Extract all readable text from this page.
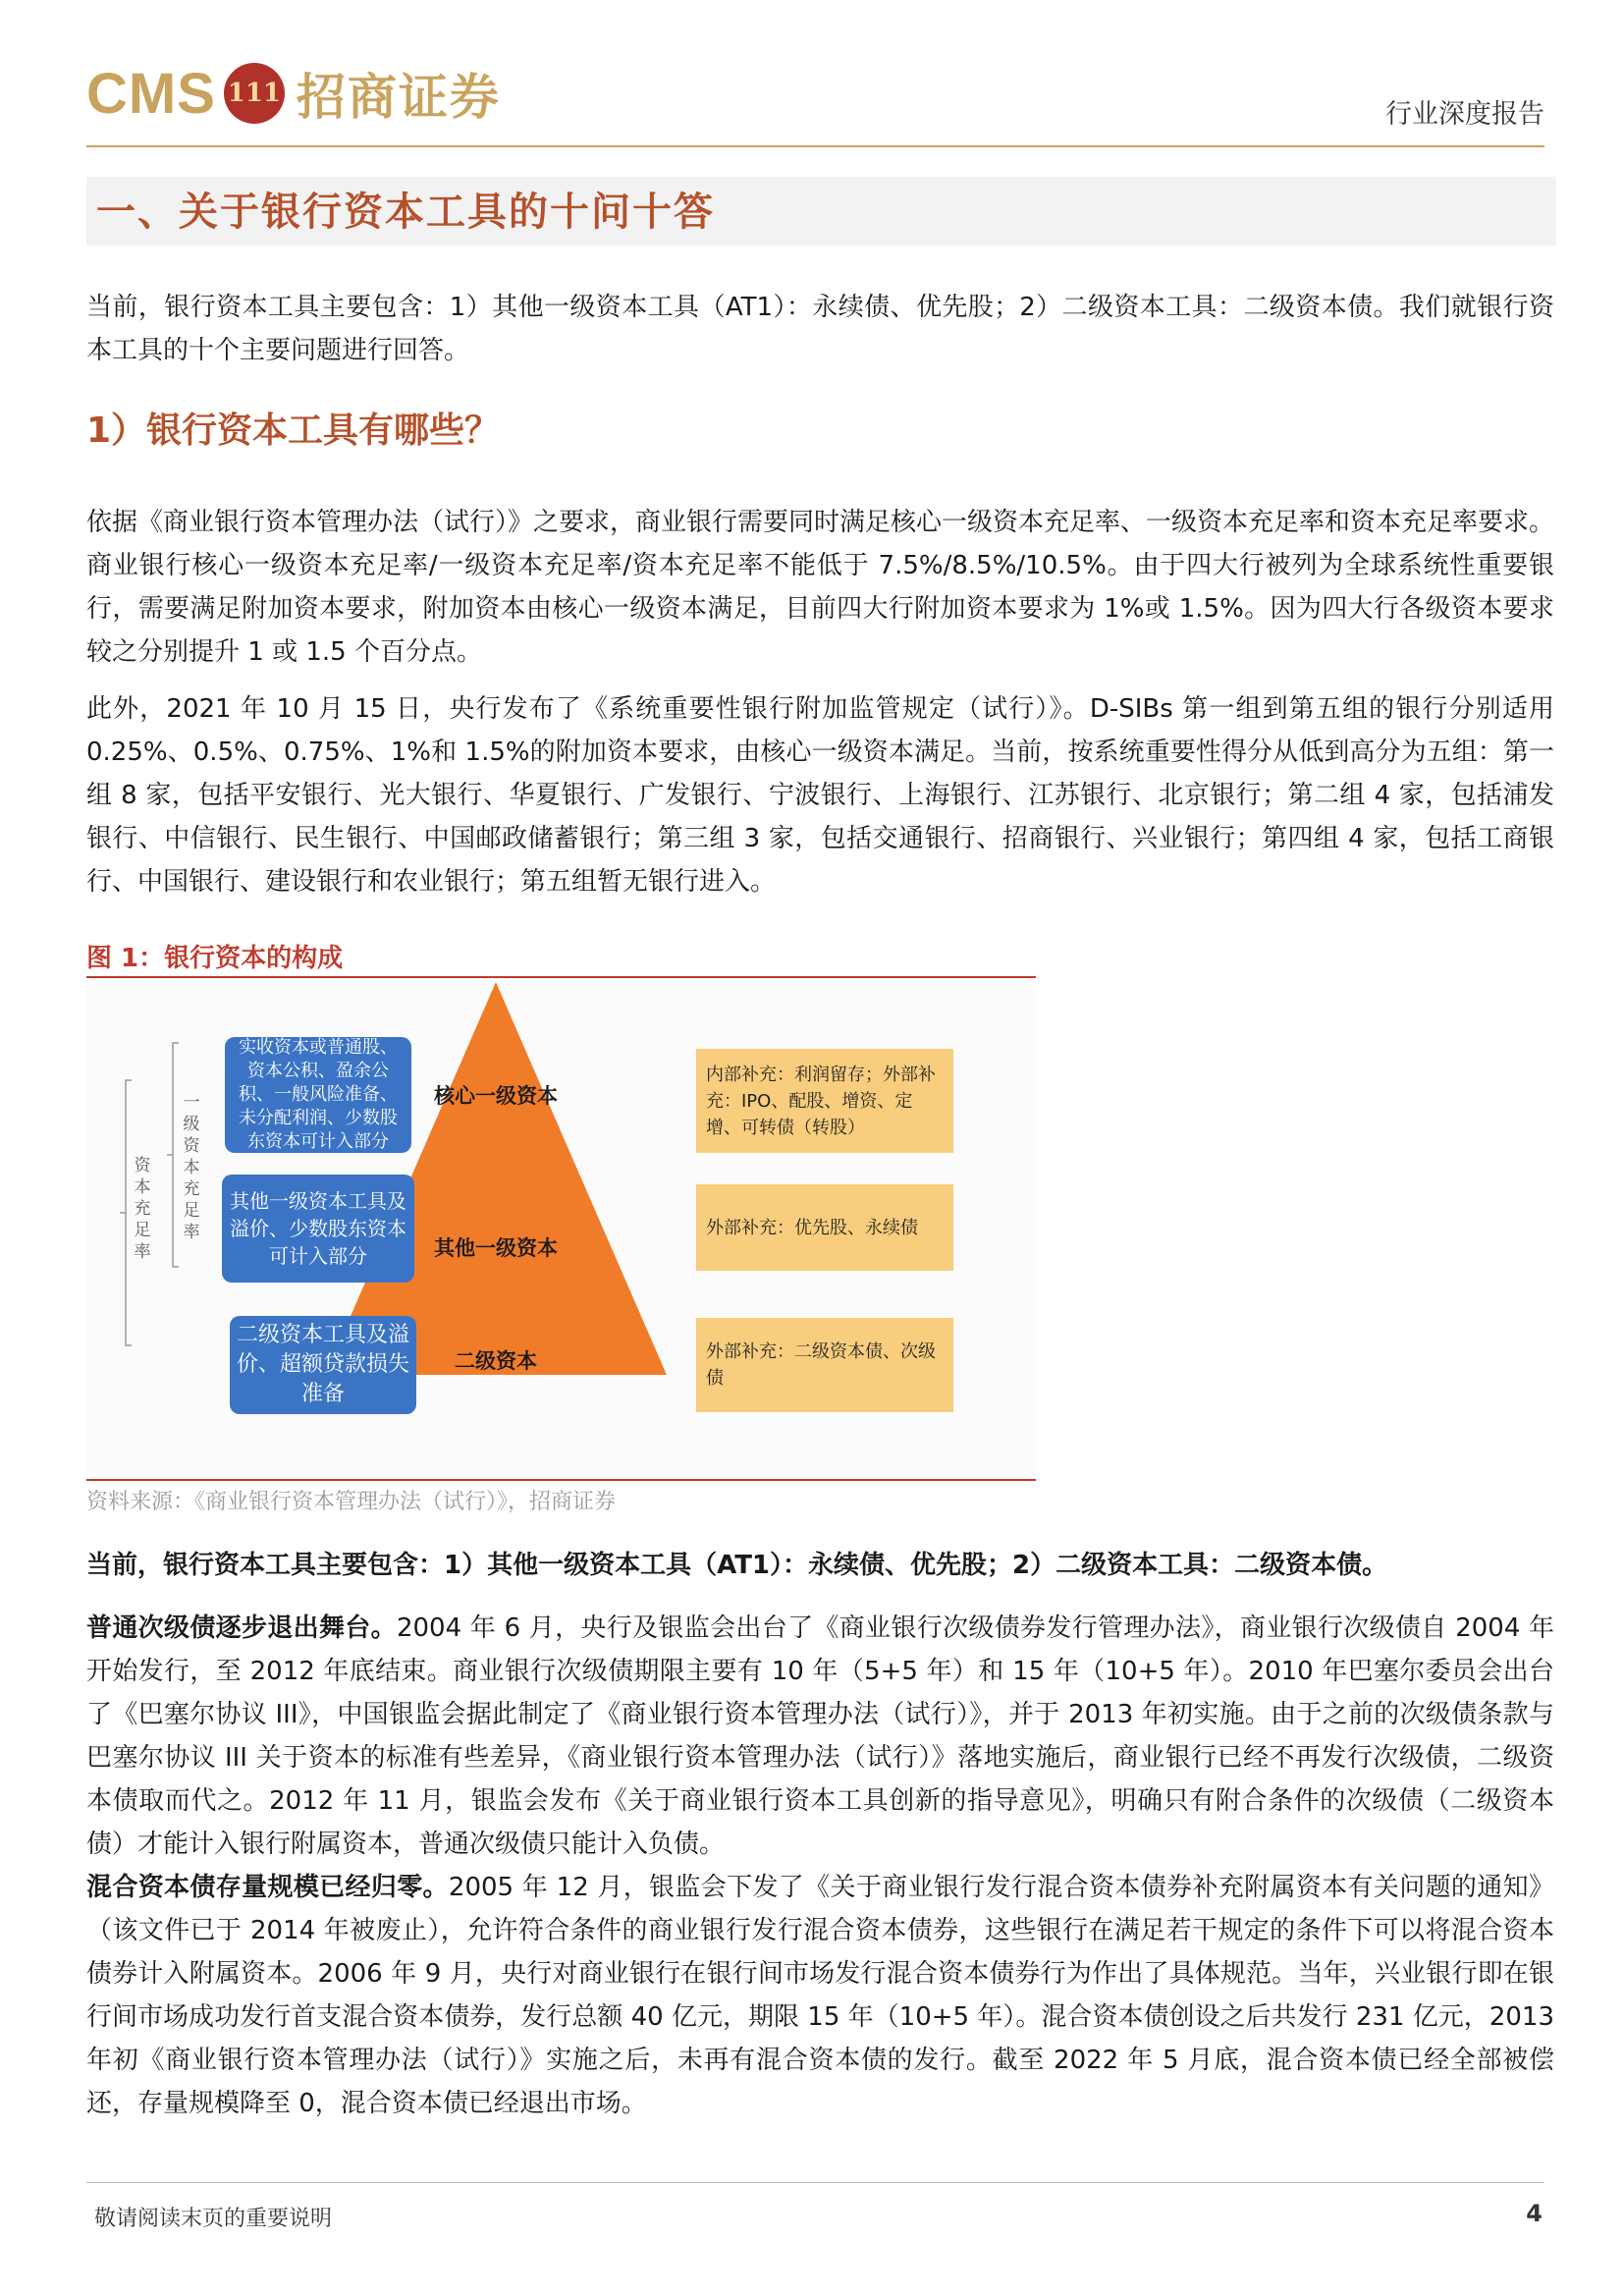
CMS 111 招商证券	行业深度报告
一、关于银行资本工具的十问十答
当前，银行资本工具主要包含：1）其他一级资本工具（AT1）：永续债、优先股；2）二级资本工具：二级资本债。我们就银行资本工具的十个主要问题进行回答。
1）银行资本工具有哪些？
依据《商业银行资本管理办法（试行）》之要求，商业银行需要同时满足核心一级资本充足率、一级资本充足率和资本充足率要求。商业银行核心一级资本充足率/一级资本充足率/资本充足率不能低于 7.5%/8.5%/10.5%。由于四大行被列为全球系统性重要银行，需要满足附加资本要求，附加资本由核心一级资本满足，目前四大行附加资本要求为 1%或 1.5%。因为四大行各级资本要求较之分别提升 1 或 1.5 个百分点。
此外，2021 年 10 月 15 日，央行发布了《系统重要性银行附加监管规定（试行）》。D-SIBs 第一组到第五组的银行分别适用 0.25%、0.5%、0.75%、1%和 1.5%的附加资本要求，由核心一级资本满足。当前，按系统重要性得分从低到高分为五组：第一组 8 家，包括平安银行、光大银行、华夏银行、广发银行、宁波银行、上海银行、江苏银行、北京银行；第二组 4 家，包括浦发银行、中信银行、民生银行、中国邮政储蓄银行；第三组 3 家，包括交通银行、招商银行、兴业银行；第四组 4 家，包括工商银行、中国银行、建设银行和农业银行；第五组暂无银行进入。
图 1：银行资本的构成
一级资本充足率
资本充足率
实收资本或普通股、资本公积、盈余公积、一般风险准备、未分配利润、少数股东资本可计入部分
其他一级资本工具及溢价、少数股东资本可计入部分
二级资本工具及溢价、超额贷款损失准备
核心一级资本
其他一级资本
二级资本
内部补充：利润留存；外部补充：IPO、配股、增资、定增、可转债（转股）
外部补充：优先股、永续债
外部补充：二级资本债、次级债
资料来源：《商业银行资本管理办法（试行）》，招商证券
当前，银行资本工具主要包含：1）其他一级资本工具（AT1）：永续债、优先股；2）二级资本工具：二级资本债。
普通次级债逐步退出舞台。2004 年 6 月，央行及银监会出台了《商业银行次级债券发行管理办法》，商业银行次级债自 2004 年开始发行，至 2012 年底结束。商业银行次级债期限主要有 10 年（5+5 年）和 15 年（10+5 年）。2010 年巴塞尔委员会出台了《巴塞尔协议 III》，中国银监会据此制定了《商业银行资本管理办法（试行）》，并于 2013 年初实施。由于之前的次级债条款与巴塞尔协议 III 关于资本的标准有些差异，《商业银行资本管理办法（试行）》落地实施后，商业银行已经不再发行次级债，二级资本债取而代之。2012 年 11 月，银监会发布《关于商业银行资本工具创新的指导意见》，明确只有附合条件的次级债（二级资本债）才能计入银行附属资本，普通次级债只能计入负债。
混合资本债存量规模已经归零。2005 年 12 月，银监会下发了《关于商业银行发行混合资本债券补充附属资本有关问题的通知》（该文件已于 2014 年被废止），允许符合条件的商业银行发行混合资本债券，这些银行在满足若干规定的条件下可以将混合资本债券计入附属资本。2006 年 9 月，央行对商业银行在银行间市场发行混合资本债券行为作出了具体规范。当年，兴业银行即在银行间市场成功发行首支混合资本债券，发行总额 40 亿元，期限 15 年（10+5 年）。混合资本债创设之后共发行 231 亿元，2013 年初《商业银行资本管理办法（试行）》实施之后，未再有混合资本债的发行。截至 2022 年 5 月底，混合资本债已经全部被偿还，存量规模降至 0，混合资本债已经退出市场。
敬请阅读末页的重要说明	4
